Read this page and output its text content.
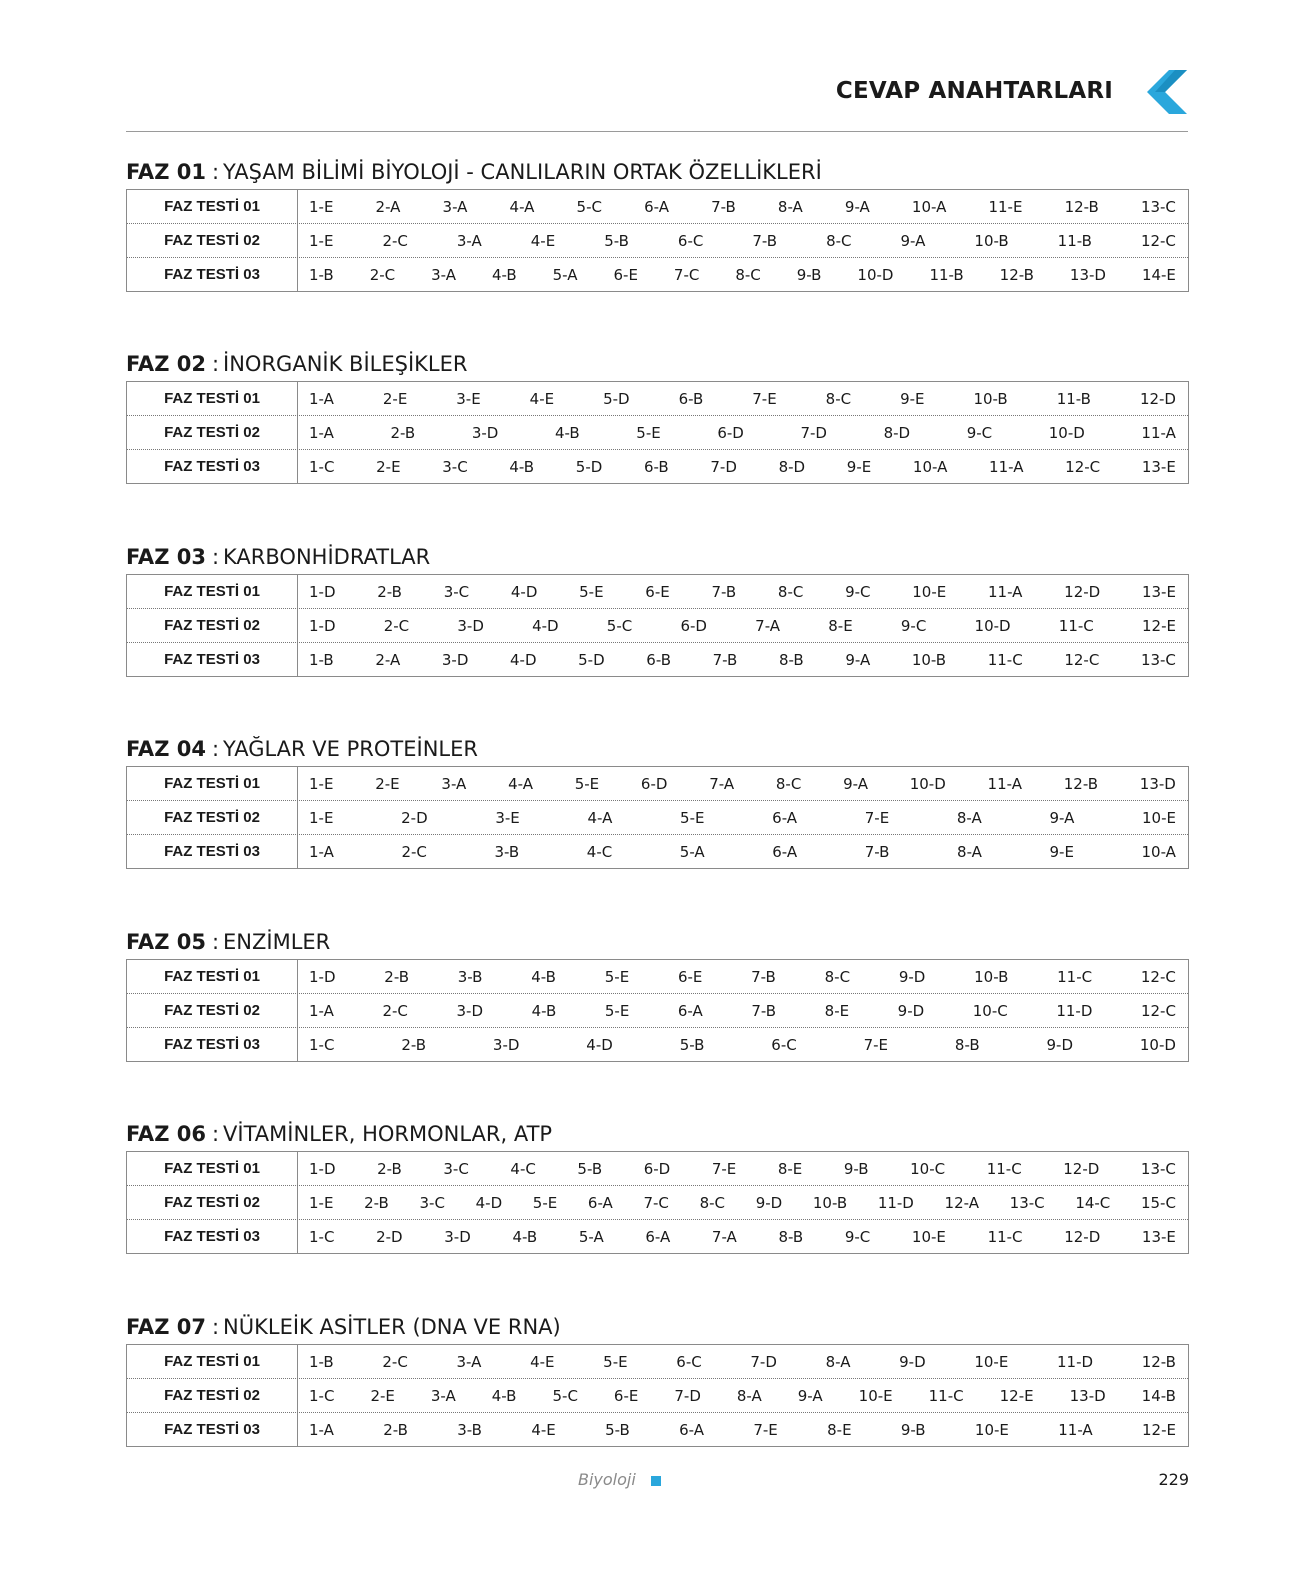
CEVAP ANAHTARLARI
FAZ 01 : YAŞAM BİLİMİ BİYOLOJİ - CANLILARIN ORTAK ÖZELLİKLERİ
FAZ TESTİ 01	1-E	2-A	3-A	4-A	5-C	6-A	7-B	8-A	9-A	10-A	11-E	12-B	13-C
FAZ TESTİ 02	1-E	2-C	3-A	4-E	5-B	6-C	7-B	8-C	9-A	10-B	11-B	12-C
FAZ TESTİ 03	1-B 2-C 3-A 4-B 5-A 6-E 7-C 8-C 9-B 10-D 11-B 12-B 13-D 14-E
FAZ 02 : İNORGANİK BİLEŞİKLER
FAZ TESTİ 01	1-A	2-E	3-E	4-E	5-D	6-B	7-E	8-C	9-E	10-B	11-B	12-D
FAZ TESTİ 02	1-A	2-B	3-D	4-B	5-E	6-D	7-D	8-D	9-C	10-D	11-A
FAZ TESTİ 03	1-C	2-E	3-C	4-B	5-D	6-B	7-D	8-D	9-E	10-A	11-A	12-C	13-E
FAZ 03 : KARBONHİDRATLAR
FAZ TESTİ 01	1-D	2-B	3-C	4-D	5-E	6-E	7-B	8-C	9-C	10-E	11-A	12-D	13-E
FAZ TESTİ 02	1-D	2-C	3-D	4-D	5-C	6-D	7-A	8-E	9-C	10-D	11-C	12-E
FAZ TESTİ 03	1-B	2-A	3-D	4-D	5-D	6-B	7-B	8-B	9-A	10-B	11-C	12-C	13-C
FAZ 04 : YAĞLAR VE PROTEİNLER
FAZ TESTİ 01	1-E	2-E	3-A	4-A	5-E	6-D	7-A	8-C	9-A	10-D	11-A	12-B	13-D
FAZ TESTİ 02	1-E	2-D	3-E	4-A	5-E	6-A	7-E	8-A	9-A	10-E
FAZ TESTİ 03	1-A	2-C	3-B	4-C	5-A	6-A	7-B	8-A	9-E	10-A
FAZ 05 : ENZİMLER
FAZ TESTİ 01	1-D	2-B	3-B	4-B	5-E	6-E	7-B	8-C	9-D	10-B	11-C	12-C
FAZ TESTİ 02	1-A	2-C	3-D	4-B	5-E	6-A	7-B	8-E	9-D	10-C	11-D	12-C
FAZ TESTİ 03	1-C	2-B	3-D	4-D	5-B	6-C	7-E	8-B	9-D	10-D
FAZ 06 : VİTAMİNLER, HORMONLAR, ATP
FAZ TESTİ 01	1-D	2-B	3-C	4-C	5-B	6-D	7-E	8-E	9-B	10-C	11-C	12-D	13-C
FAZ TESTİ 02	1-E 2-B 3-C 4-D 5-E 6-A 7-C 8-C 9-D 10-B 11-D 12-A 13-C 14-C 15-C
FAZ TESTİ 03	1-C	2-D	3-D	4-B	5-A	6-A	7-A	8-B	9-C	10-E	11-C	12-D	13-E
FAZ 07 : NÜKLEİK ASİTLER (DNA VE RNA)
FAZ TESTİ 01	1-B	2-C	3-A	4-E	5-E	6-C	7-D	8-A	9-D	10-E	11-D	12-B
FAZ TESTİ 02	1-C 2-E 3-A 4-B 5-C 6-E 7-D 8-A 9-A 10-E 11-C 12-E 13-D 14-B
FAZ TESTİ 03	1-A	2-B	3-B	4-E	5-B	6-A	7-E	8-E	9-B	10-E	11-A	12-E
Biyoloji	229
